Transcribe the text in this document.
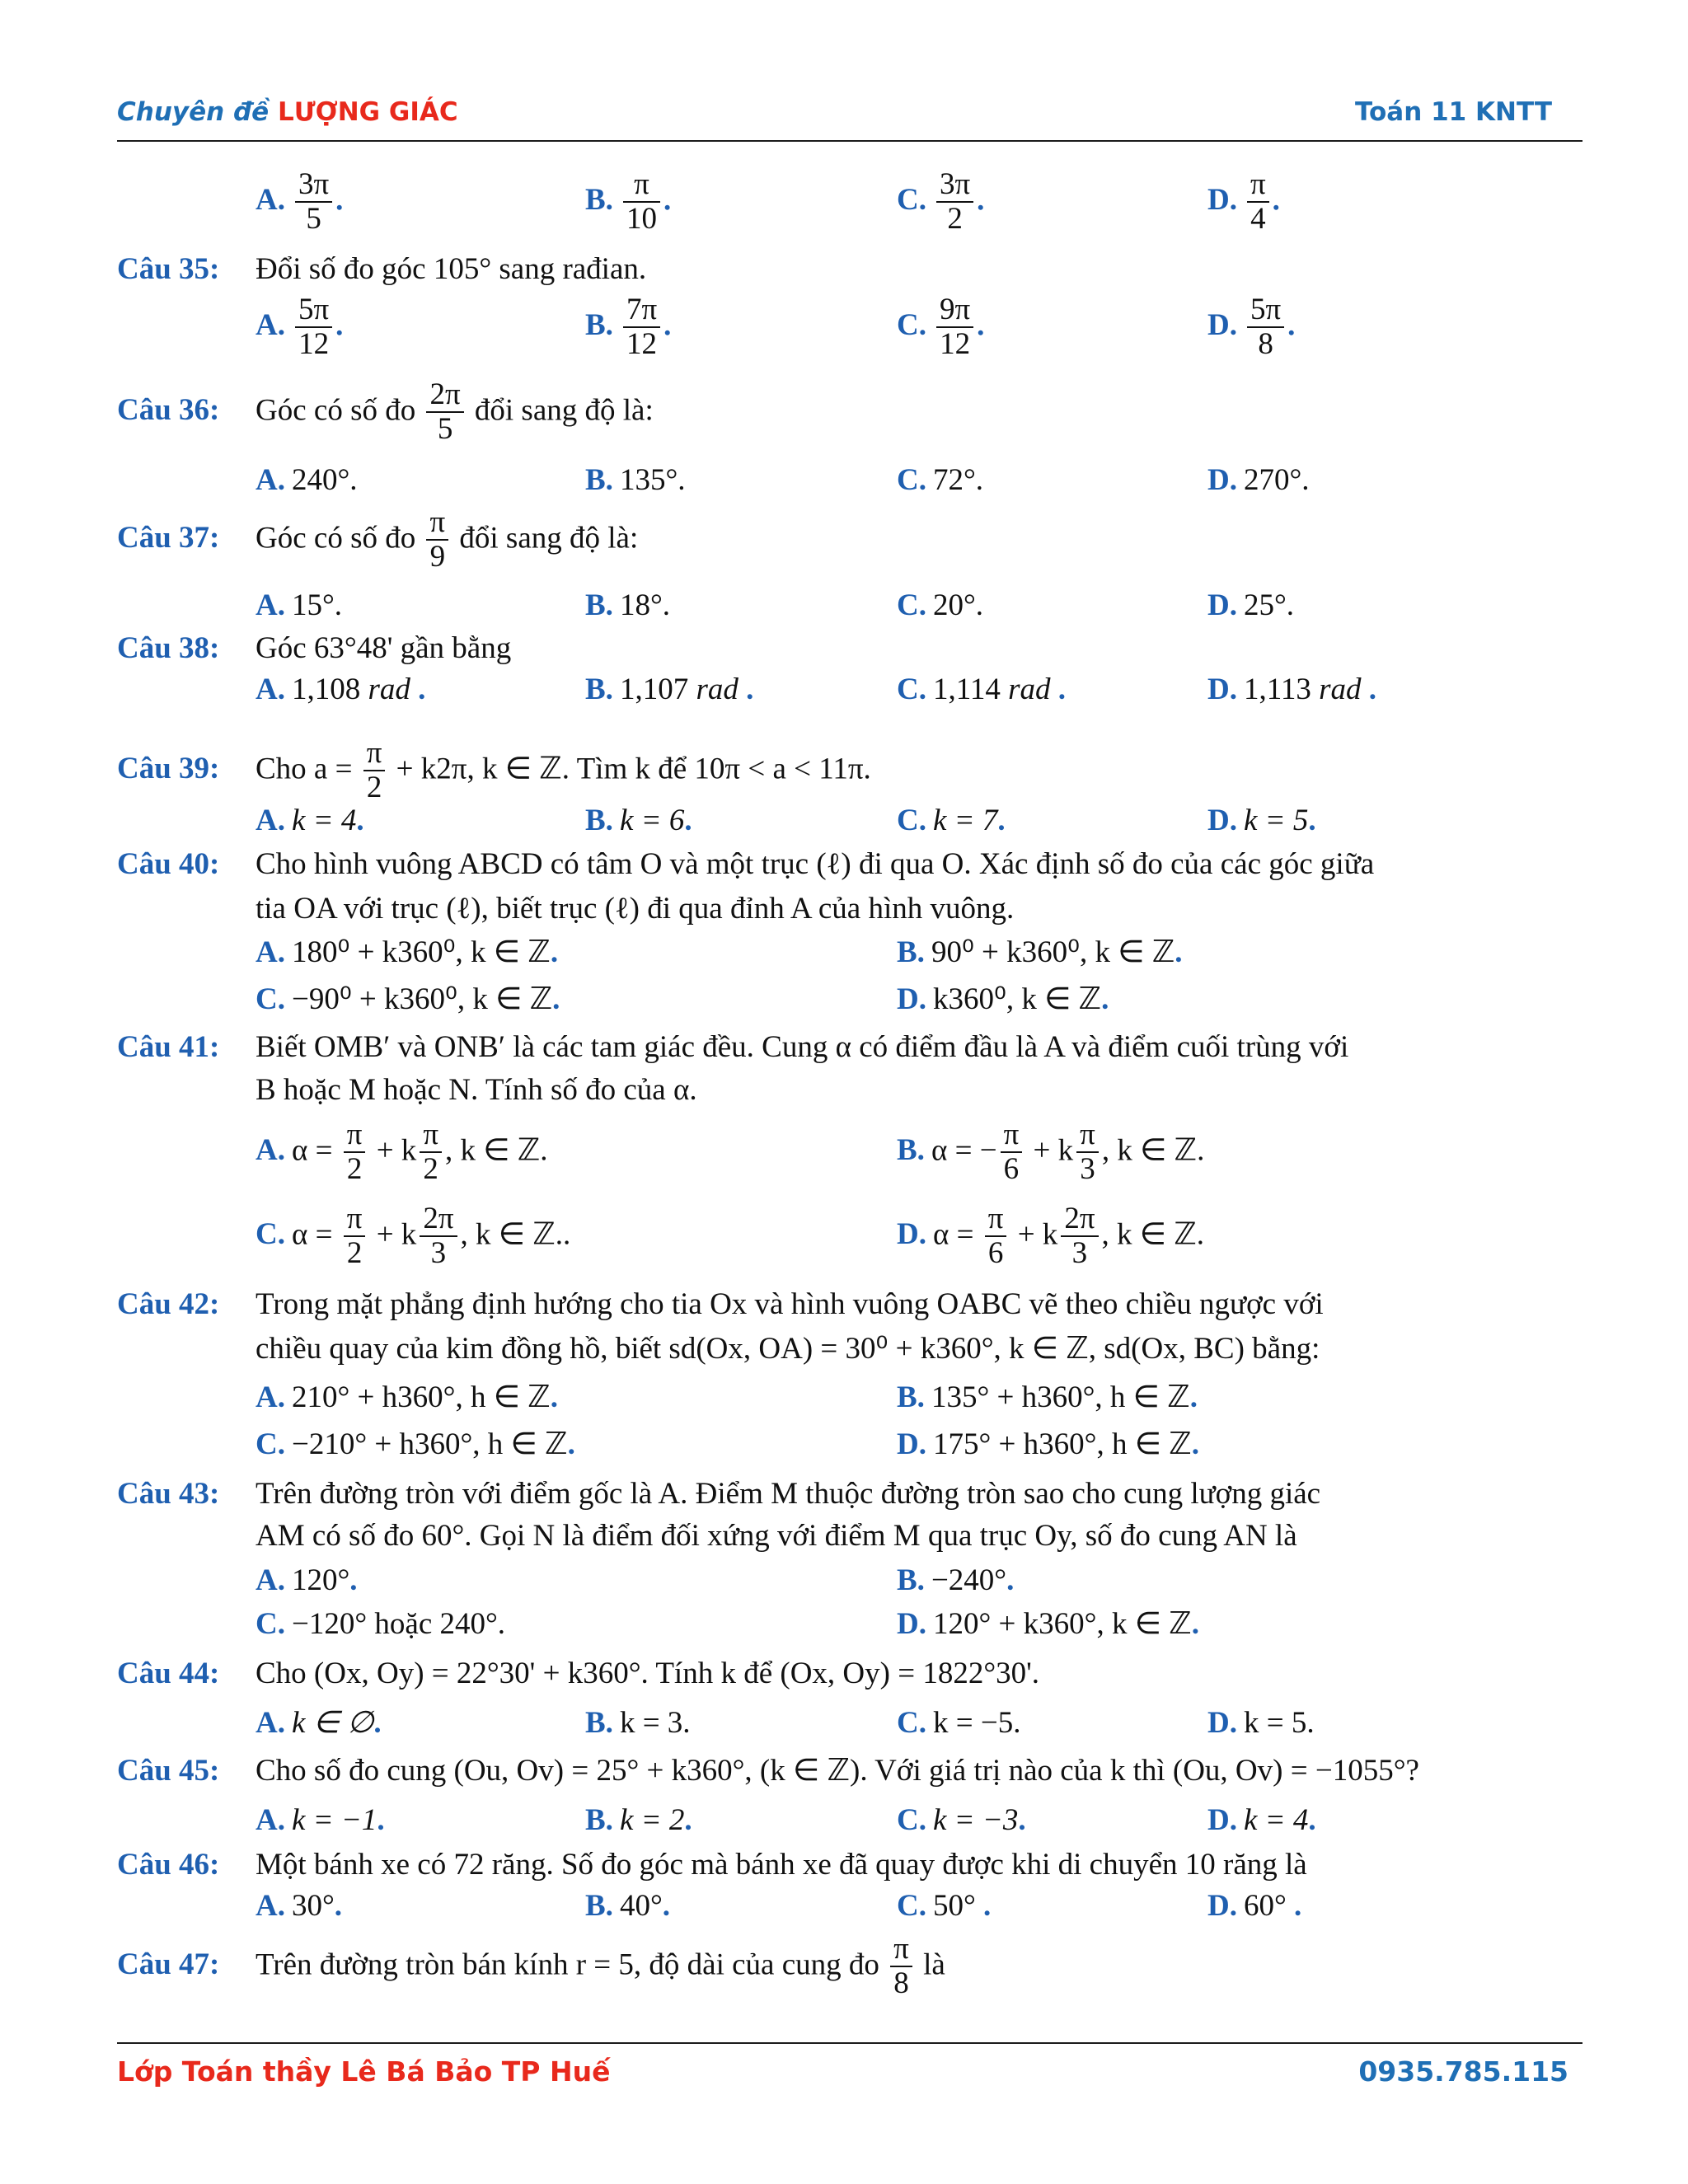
Chuyên đề LƯỢNG GIÁC	Toán 11 KNTT
A. $\frac{3\pi}{5}$ .	B. $\frac{\pi}{10}$ .	C. $\frac{3\pi}{2}$ .	D. $\frac{\pi}{4}$ .
Câu 35: Đổi số đo góc 105° sang rađian.
A. $\frac{5\pi}{12}$ .	B. $\frac{7\pi}{12}$ .	C. $\frac{9\pi}{12}$ .	D. $\frac{5\pi}{8}$ .
Câu 36: Góc có số đo $\frac{2\pi}{5}$ đổi sang độ là:
A. 240°.	B. 135°.	C. 72°.	D. 270°.
Câu 37: Góc có số đo $\frac{\pi}{9}$ đổi sang độ là:
A. 15°.	B. 18°.	C. 20°.	D. 25°.
Câu 38: Góc 63°48' gần bằng
A. 1,108 rad .	B. 1,107 rad .	C. 1,114 rad .	D. 1,113 rad .
Câu 39: Cho $a = \frac{\pi}{2} + k2\pi$, k ∈ ℤ. Tìm k để 10π < a < 11π.
A. k = 4.	B. k = 6.	C. k = 7.	D. k = 5.
Câu 40: Cho hình vuông ABCD có tâm O và một trục (ℓ) đi qua O. Xác định số đo của các góc giữa
tia OA với trục (ℓ), biết trục (ℓ) đi qua đỉnh A của hình vuông.
A. 180⁰ + k360⁰, k ∈ ℤ.	B. 90⁰ + k360⁰, k ∈ ℤ.
C. −90⁰ + k360⁰, k ∈ ℤ.	D. k360⁰, k ∈ ℤ.
Câu 41: Biết OMB′ và ONB′ là các tam giác đều. Cung α có điểm đầu là A và điểm cuối trùng với
B hoặc M hoặc N. Tính số đo của α.
A. $\alpha = \frac{\pi}{2} + k \frac{\pi}{2}$ , k ∈ ℤ.	B. α = − $\frac{\pi}{6} + k \frac{\pi}{3}$ , k ∈ ℤ.
C. $\alpha = \frac{\pi}{2} + k \frac{2\pi}{3}$ , k ∈ ℤ..	D. $\alpha = \frac{\pi}{6} + k \frac{2\pi}{3}$ , k ∈ ℤ.
Câu 42: Trong mặt phẳng định hướng cho tia Ox và hình vuông OABC vẽ theo chiều ngược với
chiều quay của kim đồng hồ, biết sd(Ox, OA) = 30⁰ + k360°, k ∈ ℤ, sd(Ox, BC) bằng:
A. 210° + h360°, h ∈ ℤ.	B. 135° + h360°, h ∈ ℤ.
C. −210° + h360°, h ∈ ℤ.	D. 175° + h360°, h ∈ ℤ.
Câu 43: Trên đường tròn với điểm gốc là A. Điểm M thuộc đường tròn sao cho cung lượng giác
AM có số đo 60°. Gọi N là điểm đối xứng với điểm M qua trục Oy, số đo cung AN là
A. 120°.	B. −240°.
C. −120° hoặc 240°.	D. 120° + k360°, k ∈ ℤ.
Câu 44: Cho (Ox, Oy) = 22°30' + k360°. Tính k để (Ox, Oy) = 1822°30'.
A. k ∈ ∅.	B. k = 3.	C. k = −5.	D. k = 5.
Câu 45: Cho số đo cung (Ou, Ov) = 25° + k360°, (k ∈ ℤ). Với giá trị nào của k thì (Ou, Ov) = −1055°?
A. k = −1.	B. k = 2.	C. k = −3.	D. k = 4.
Câu 46: Một bánh xe có 72 răng. Số đo góc mà bánh xe đã quay được khi di chuyển 10 răng là
A. 30°.	B. 40°.	C. 50° .	D. 60° .
Câu 47: Trên đường tròn bán kính r = 5, độ dài của cung đo $\frac{\pi}{8}$ là
Lớp Toán thầy Lê Bá Bảo TP Huế	0935.785.115
